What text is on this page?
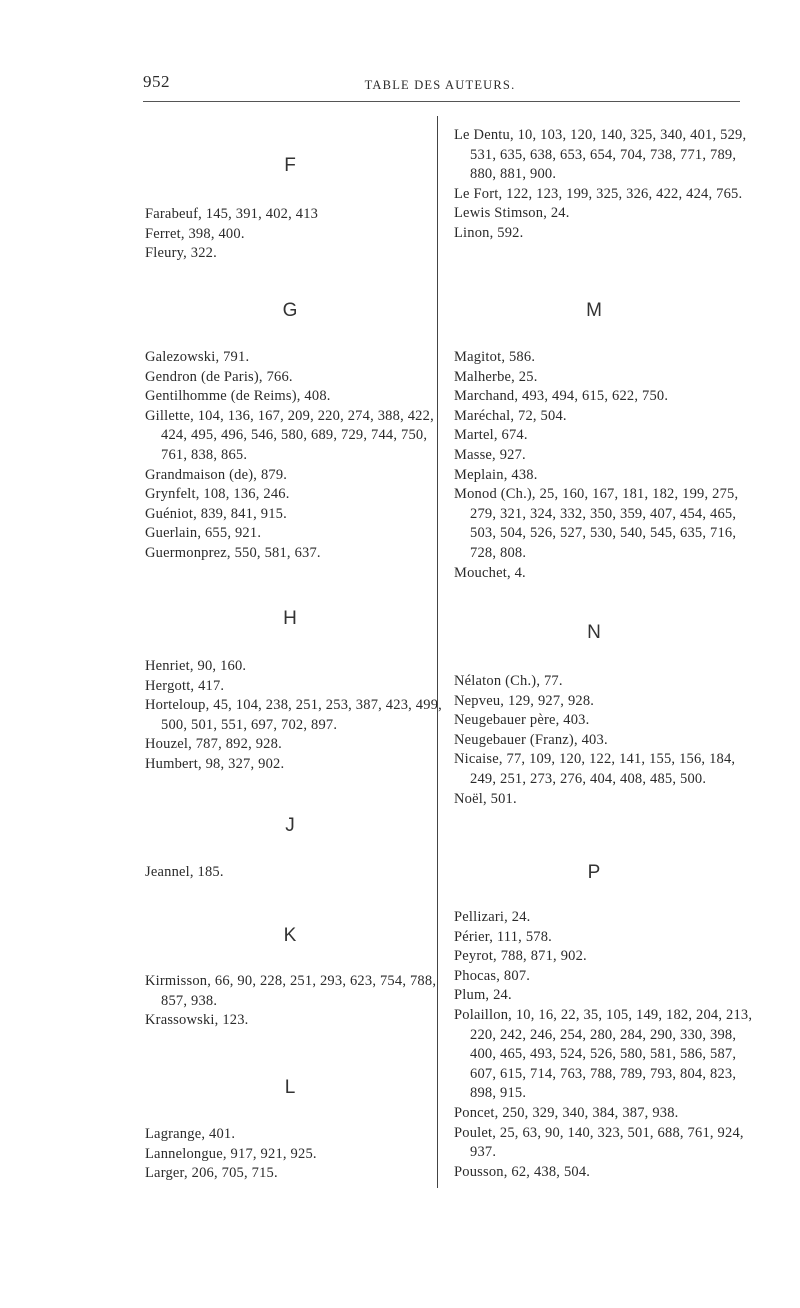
952	TABLE DES AUTEURS.
F

Farabeuf, 145, 391, 402, 413

Ferret, 398, 400.

Fleury, 322.

G

Galezowski, 791.

Gendron (de Paris), 766.

Gentilhomme (de Reims), 408.

Gillette, 104, 136, 167, 209, 220, 274, 388, 422, 424, 495, 496, 546, 580, 689, 729, 744, 750, 761, 838, 865.

Grandmaison (de), 879.

Grynfelt, 108, 136, 246.

Guéniot, 839, 841, 915.

Guerlain, 655, 921.

Guermonprez, 550, 581, 637.

H

Henriet, 90, 160.

Hergott, 417.

Horteloup, 45, 104, 238, 251, 253, 387, 423, 499, 500, 501, 551, 697, 702, 897.

Houzel, 787, 892, 928.

Humbert, 98, 327, 902.

J

Jeannel, 185.

K

Kirmisson, 66, 90, 228, 251, 293, 623, 754, 788, 857, 938.

Krassowski, 123.

L

Lagrange, 401.

Lannelongue, 917, 921, 925.

Larger, 206, 705, 715.

Le Dentu, 10, 103, 120, 140, 325, 340, 401, 529, 531, 635, 638, 653, 654, 704, 738, 771, 789, 880, 881, 900.

Le Fort, 122, 123, 199, 325, 326, 422, 424, 765.

Lewis Stimson, 24.

Linon, 592.

M

Magitot, 586.

Malherbe, 25.

Marchand, 493, 494, 615, 622, 750.

Maréchal, 72, 504.

Martel, 674.

Masse, 927.

Meplain, 438.

Monod (Ch.), 25, 160, 167, 181, 182, 199, 275, 279, 321, 324, 332, 350, 359, 407, 454, 465, 503, 504, 526, 527, 530, 540, 545, 635, 716, 728, 808.

Mouchet, 4.

N

Nélaton (Ch.), 77.

Nepveu, 129, 927, 928.

Neugebauer père, 403.

Neugebauer (Franz), 403.

Nicaise, 77, 109, 120, 122, 141, 155, 156, 184, 249, 251, 273, 276, 404, 408, 485, 500.

Noël, 501.

P

Pellizari, 24.

Périer, 111, 578.

Peyrot, 788, 871, 902.

Phocas, 807.

Plum, 24.

Polaillon, 10, 16, 22, 35, 105, 149, 182, 204, 213, 220, 242, 246, 254, 280, 284, 290, 330, 398, 400, 465, 493, 524, 526, 580, 581, 586, 587, 607, 615, 714, 763, 788, 789, 793, 804, 823, 898, 915.

Poncet, 250, 329, 340, 384, 387, 938.

Poulet, 25, 63, 90, 140, 323, 501, 688, 761, 924, 937.

Pousson, 62, 438, 504.
